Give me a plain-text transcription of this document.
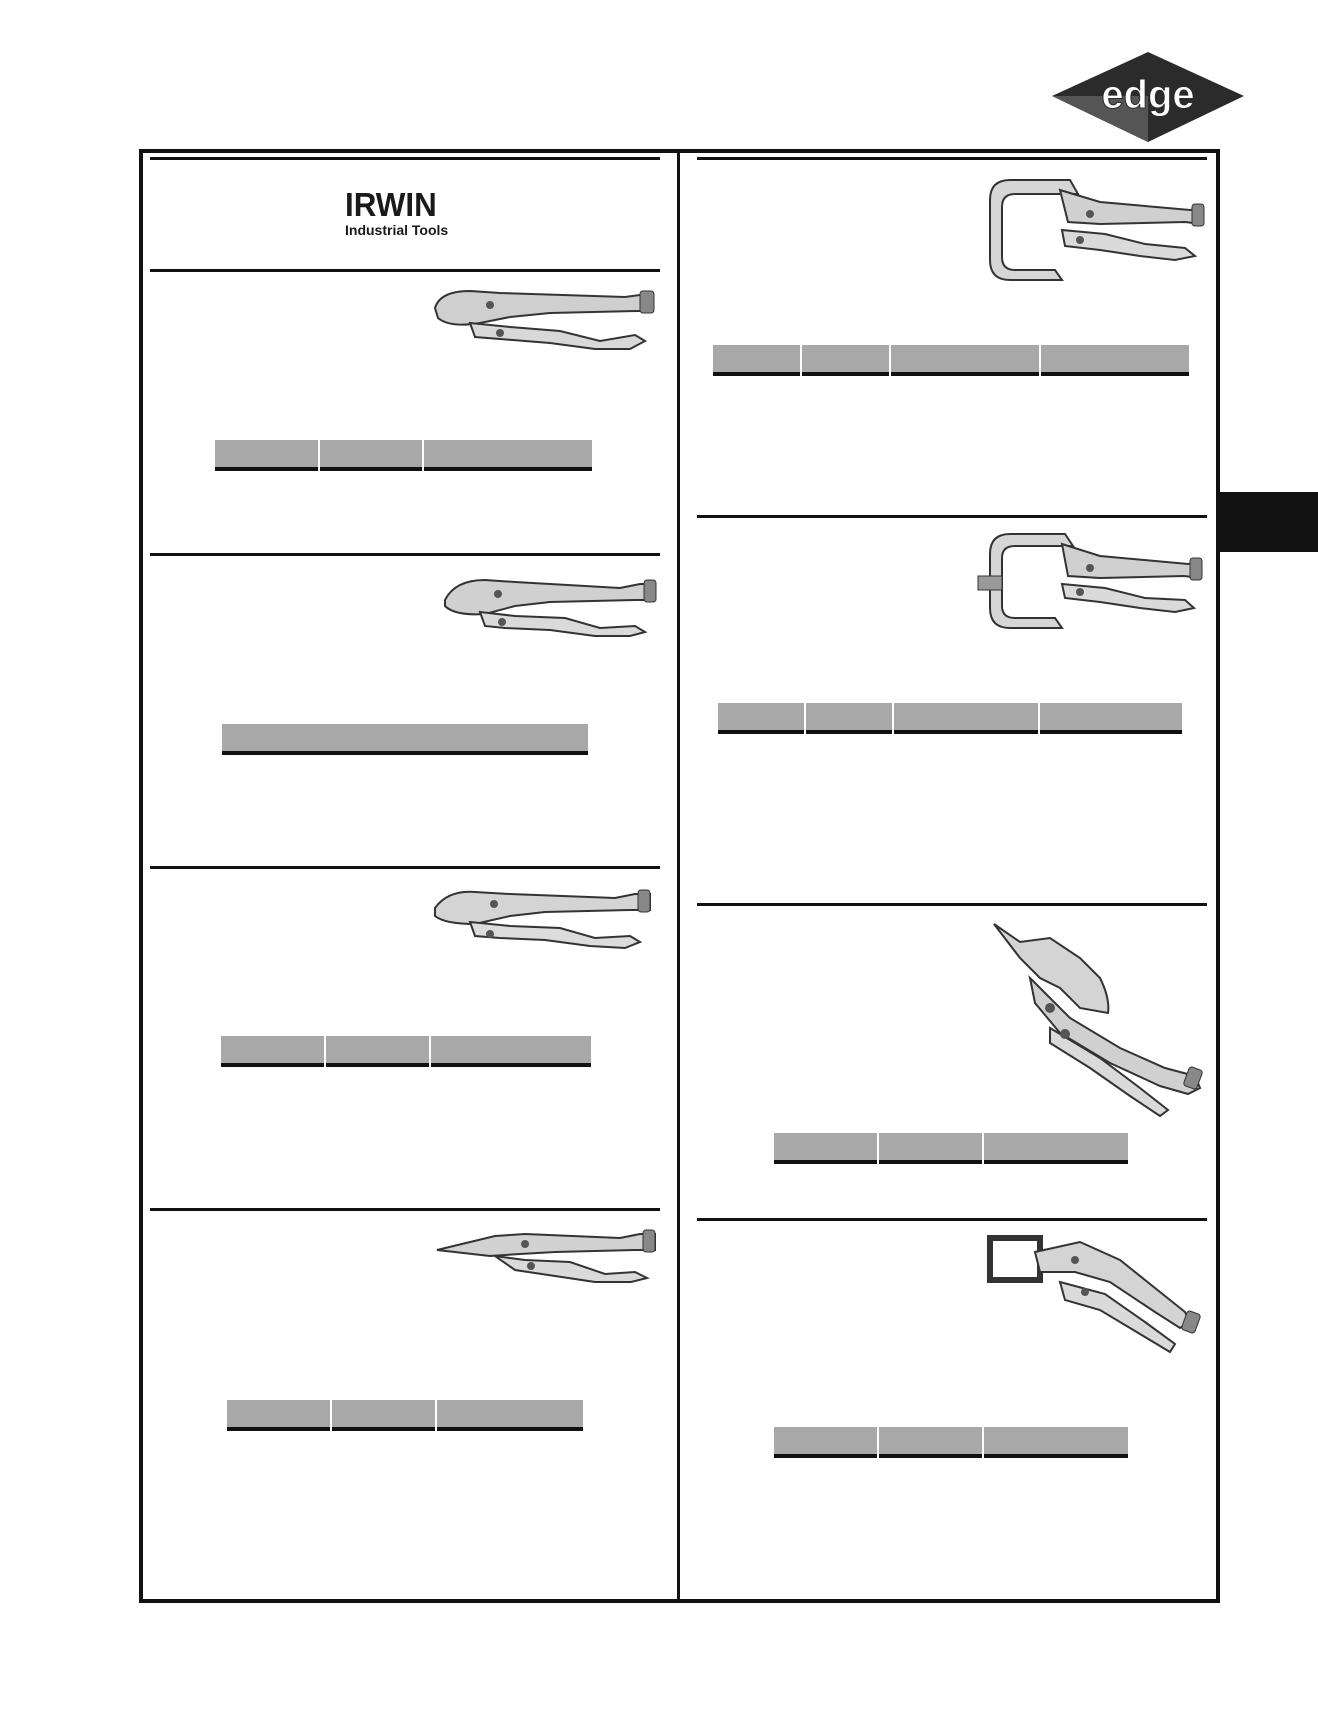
edge
IRWIN
Industrial Tools
